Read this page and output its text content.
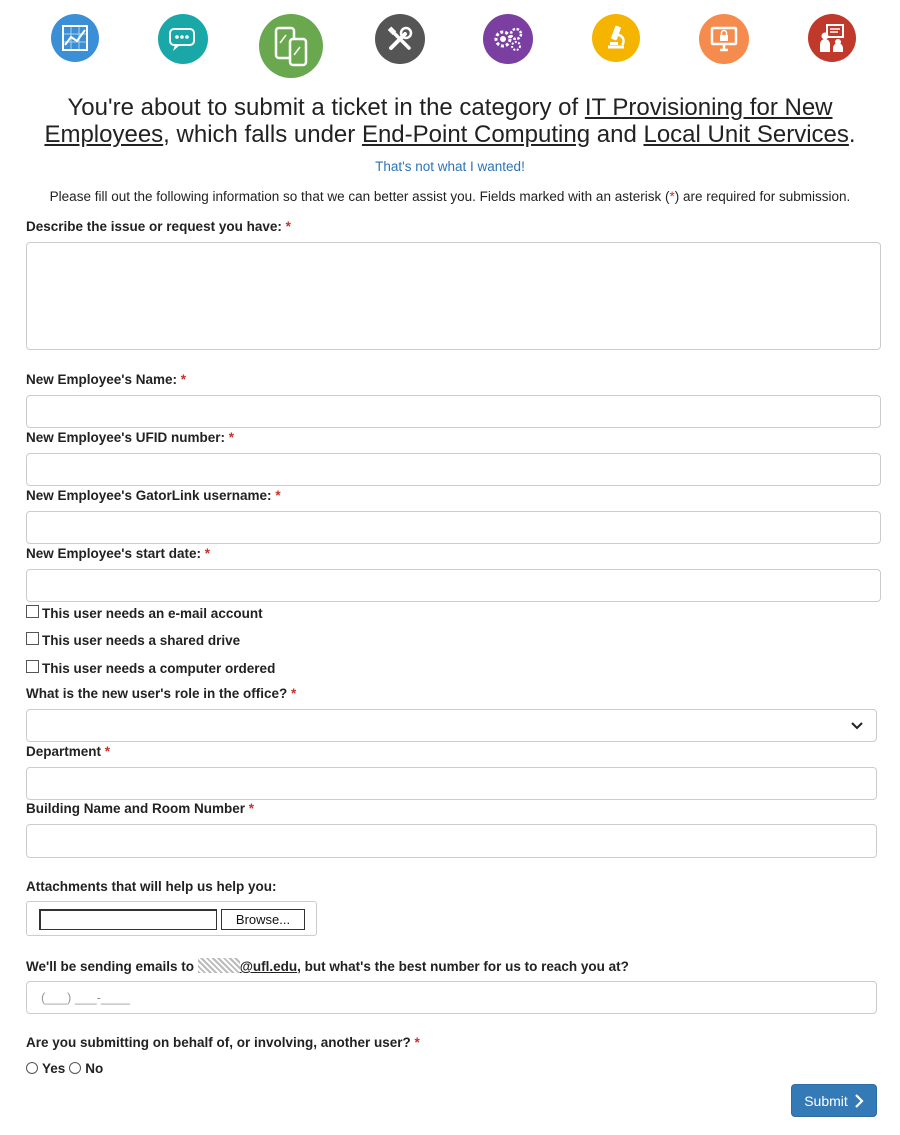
You're about to submit a ticket in the category of IT Provisioning for New Employees, which falls under End-Point Computing and Local Unit Services.
That's not what I wanted!
Please fill out the following information so that we can better assist you. Fields marked with an asterisk (*) are required for submission.
Describe the issue or request you have: *
New Employee's Name: *
New Employee's UFID number: *
New Employee's GatorLink username: *
New Employee's start date: *
This user needs an e-mail account
This user needs a shared drive
This user needs a computer ordered
What is the new user's role in the office? *
Department *
Building Name and Room Number *
Attachments that will help us help you:
Browse...
We'll be sending emails to	@ufl.edu, but what's the best number for us to reach you at?
(___) ___-____
Are you submitting on behalf of, or involving, another user? *
Yes No
Submit
